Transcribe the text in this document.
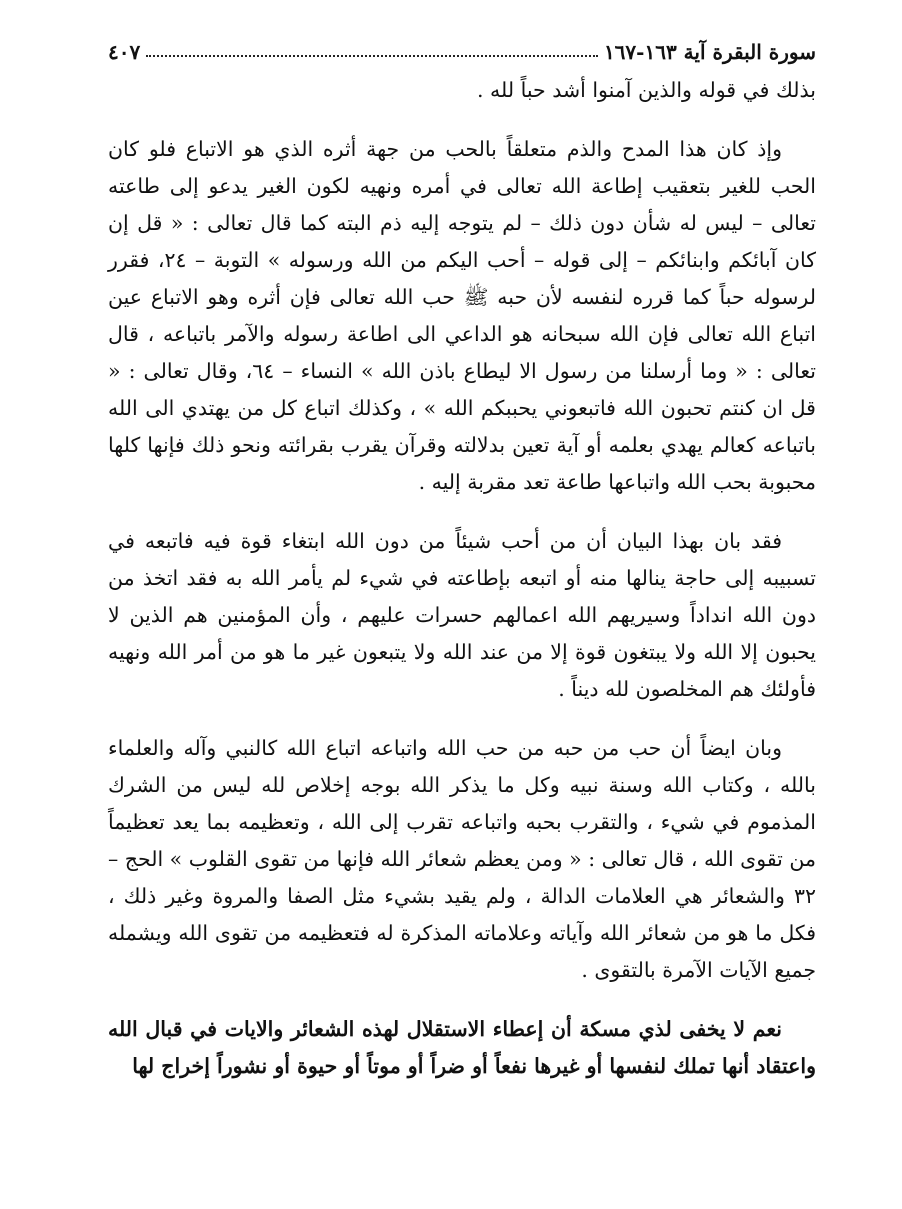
سورة البقرة آية ١٦٣-١٦٧
٤٠٧

بذلك في قوله والذين آمنوا أشد حباً لله .

وإذ كان هذا المدح والذم متعلقاً بالحب من جهة أثره الذي هو الاتباع فلو كان الحب للغير بتعقيب إطاعة الله تعالى في أمره ونهيه لكون الغير يدعو إلى طاعته تعالى – ليس له شأن دون ذلك – لم يتوجه إليه ذم البته كما قال تعالى : « قل إن كان آبائكم وابنائكم – إلى قوله – أحب اليكم من الله ورسوله » التوبة – ٢٤، فقرر لرسوله حباً كما قرره لنفسه لأن حبه ﷺ حب الله تعالى فإن أثره وهو الاتباع عين اتباع الله تعالى فإن الله سبحانه هو الداعي الى اطاعة رسوله والآمر باتباعه ، قال تعالى : « وما أرسلنا من رسول الا ليطاع باذن الله » النساء – ٦٤، وقال تعالى : « قل ان كنتم تحبون الله فاتبعوني يحببكم الله » ، وكذلك اتباع كل من يهتدي الى الله باتباعه كعالم يهدي بعلمه أو آية تعين بدلالته وقرآن يقرب بقرائته ونحو ذلك فإنها كلها محبوبة بحب الله واتباعها طاعة تعد مقربة إليه .

فقد بان بهذا البيان أن من أحب شيئاً من دون الله ابتغاء قوة فيه فاتبعه في تسبيبه إلى حاجة ينالها منه أو اتبعه بإطاعته في شيء لم يأمر الله به فقد اتخذ من دون الله انداداً وسيريهم الله اعمالهم حسرات عليهم ، وأن المؤمنين هم الذين لا يحبون إلا الله ولا يبتغون قوة إلا من عند الله ولا يتبعون غير ما هو من أمر الله ونهيه فأولئك هم المخلصون لله ديناً .

وبان ايضاً أن حب من حبه من حب الله واتباعه اتباع الله كالنبي وآله والعلماء بالله ، وكتاب الله وسنة نبيه وكل ما يذكر الله بوجه إخلاص لله ليس من الشرك المذموم في شيء ، والتقرب بحبه واتباعه تقرب إلى الله ، وتعظيمه بما يعد تعظيماً من تقوى الله ، قال تعالى : « ومن يعظم شعائر الله فإنها من تقوى القلوب » الحج – ٣٢ والشعائر هي العلامات الدالة ، ولم يقيد بشيء مثل الصفا والمروة وغير ذلك ، فكل ما هو من شعائر الله وآياته وعلاماته المذكرة له فتعظيمه من تقوى الله ويشمله جميع الآيات الآمرة بالتقوى .

نعم لا يخفى لذي مسكة أن إعطاء الاستقلال لهذه الشعائر والايات في قبال الله واعتقاد أنها تملك لنفسها أو غيرها نفعاً أو ضراً أو موتاً أو حيوة أو نشوراً إخراج لها
